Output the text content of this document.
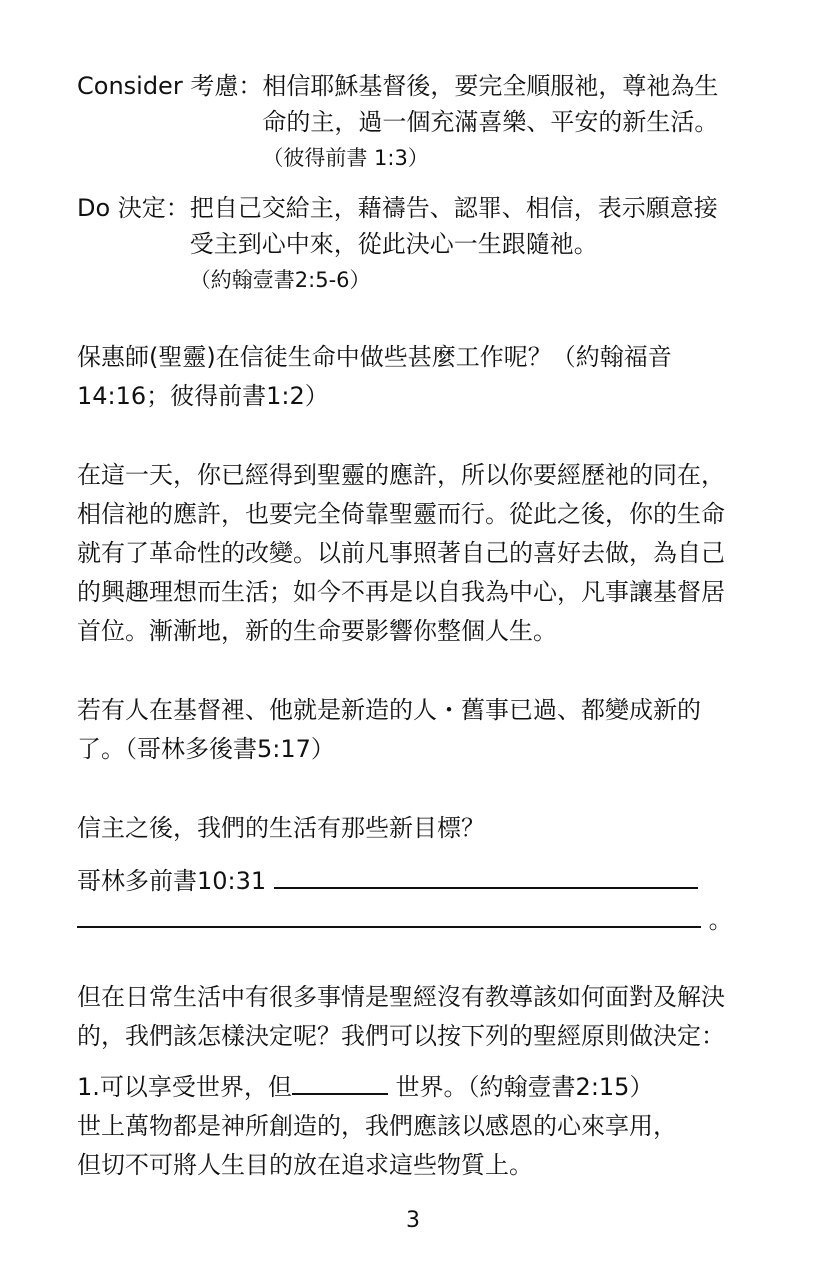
Consider 考慮： 相信耶穌基督後，要完全順服祂，尊祂為生
命的主，過一個充滿喜樂、平安的新生活。
（彼得前書 1:3）
Do 決定： 把自己交給主，藉禱告、認罪、相信，表示願意接
受主到心中來，從此決心一生跟隨祂。
（約翰壹書2:5-6）

保惠師(聖靈)在信徒生命中做些甚麼工作呢？（約翰福音

14:16；彼得前書1:2）

在這一天，你已經得到聖靈的應許，所以你要經歷祂的同在，

相信祂的應許，也要完全倚靠聖靈而行。從此之後，你的生命

就有了革命性的改變。以前凡事照著自己的喜好去做，為自己

的興趣理想而生活；如今不再是以自我為中心，凡事讓基督居

首位。漸漸地，新的生命要影響你整個人生。

若有人在基督裡、他就是新造的人・舊事已過、都變成新的

了。（哥林多後書5:17）

信主之後，我們的生活有那些新目標？

哥林多前書10:31

。

但在日常生活中有很多事情是聖經沒有教導該如何面對及解決

的，我們該怎樣決定呢？我們可以按下列的聖經原則做決定：

1.可以享受世界，但	世界。（約翰壹書2:15）

世上萬物都是神所創造的，我們應該以感恩的心來享用，

但切不可將人生目的放在追求這些物質上。

3
